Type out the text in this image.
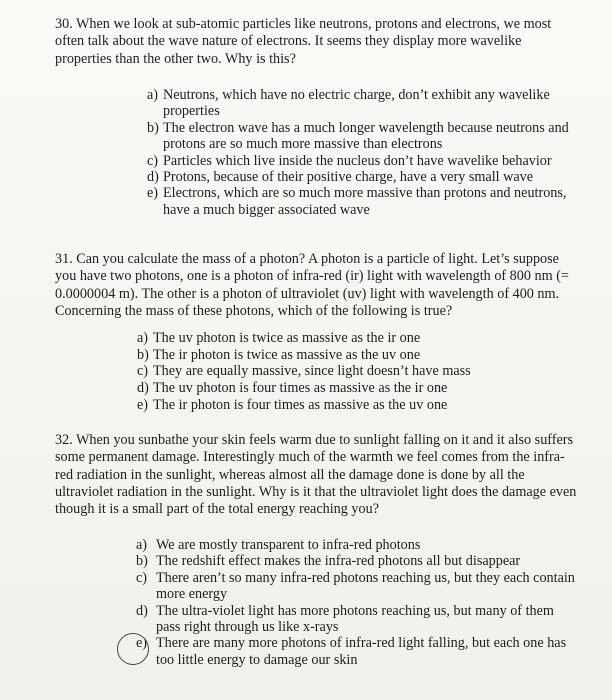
30. When we look at sub-atomic particles like neutrons, protons and electrons, we most often talk about the wave nature of electrons. It seems they display more wavelike properties than the other two. Why is this?

a) Neutrons, which have no electric charge, don’t exhibit any wavelike properties
b) The electron wave has a much longer wavelength because neutrons and protons are so much more massive than electrons
c) Particles which live inside the nucleus don’t have wavelike behavior
d) Protons, because of their positive charge, have a very small wave
e) Electrons, which are so much more massive than protons and neutrons, have a much bigger associated wave

31. Can you calculate the mass of a photon? A photon is a particle of light. Let’s suppose you have two photons, one is a photon of infra-red (ir) light with wavelength of 800 nm (= 0.0000004 m). The other is a photon of ultraviolet (uv) light with wavelength of 400 nm. Concerning the mass of these photons, which of the following is true?

a) The uv photon is twice as massive as the ir one
b) The ir photon is twice as massive as the uv one
c) They are equally massive, since light doesn’t have mass
d) The uv photon is four times as massive as the ir one
e) The ir photon is four times as massive as the uv one

32. When you sunbathe your skin feels warm due to sunlight falling on it and it also suffers some permanent damage. Interestingly much of the warmth we feel comes from the infra-red radiation in the sunlight, whereas almost all the damage done is done by all the ultraviolet radiation in the sunlight. Why is it that the ultraviolet light does the damage even though it is a small part of the total energy reaching you?

a) We are mostly transparent to infra-red photons
b) The redshift effect makes the infra-red photons all but disappear
c) There aren’t so many infra-red photons reaching us, but they each contain more energy
d) The ultra-violet light has more photons reaching us, but many of them pass right through us like x-rays
e) There are many more photons of infra-red light falling, but each one has too little energy to damage our skin
